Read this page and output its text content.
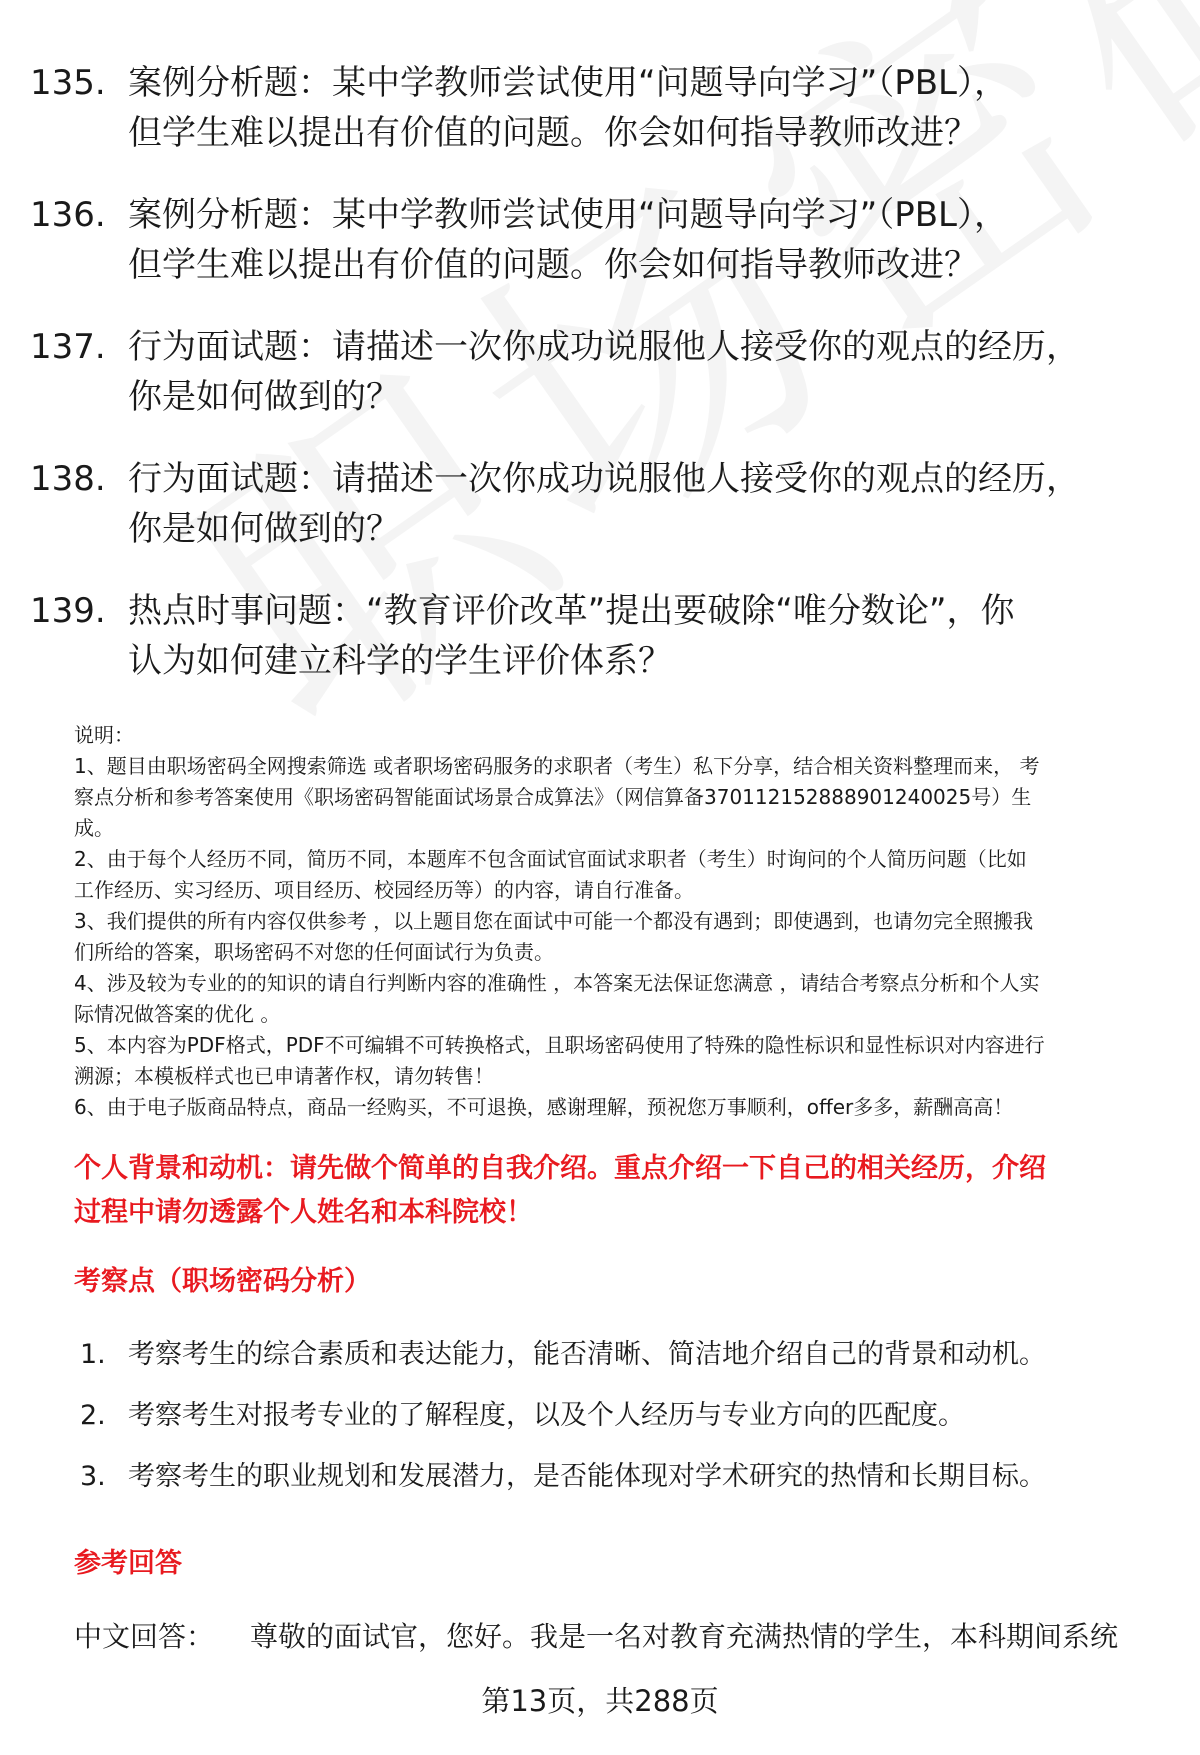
135. 案例分析题：某中学教师尝试使用“问题导向学习”（PBL），
但学生难以提出有价值的问题。你会如何指导教师改进？
136. 案例分析题：某中学教师尝试使用“问题导向学习”（PBL），
但学生难以提出有价值的问题。你会如何指导教师改进？
137. 行为面试题：请描述一次你成功说服他人接受你的观点的经历，
你是如何做到的？
138. 行为面试题：请描述一次你成功说服他人接受你的观点的经历，
你是如何做到的？
139. 热点时事问题：“教育评价改革”提出要破除“唯分数论”，你
认为如何建立科学的学生评价体系？
说明：
1、题目由职场密码全网搜索筛选 或者职场密码服务的求职者（考生）私下分享，结合相关资料整理而来， 考
察点分析和参考答案使用《职场密码智能面试场景合成算法》（网信算备370112152888901240025号）生
成。
2、由于每个人经历不同，简历不同，本题库不包含面试官面试求职者（考生）时询问的个人简历问题（比如
工作经历、实习经历、项目经历、校园经历等）的内容，请自行准备。
3、我们提供的所有内容仅供参考 ，以上题目您在面试中可能一个都没有遇到；即使遇到，也请勿完全照搬我
们所给的答案，职场密码不对您的任何面试行为负责。
4、涉及较为专业的的知识的请自行判断内容的准确性 ，本答案无法保证您满意 ，请结合考察点分析和个人实
际情况做答案的优化 。
5、本内容为PDF格式，PDF不可编辑不可转换格式，且职场密码使用了特殊的隐性标识和显性标识对内容进行
溯源；本模板样式也已申请著作权，请勿转售！
6、由于电子版商品特点，商品一经购买，不可退换，感谢理解，预祝您万事顺利，offer多多，薪酬高高！
个人背景和动机：请先做个简单的自我介绍。重点介绍一下自己的相关经历，介绍
过程中请勿透露个人姓名和本科院校！
考察点（职场密码分析）
1. 考察考生的综合素质和表达能力，能否清晰、简洁地介绍自己的背景和动机。
2. 考察考生对报考专业的了解程度，以及个人经历与专业方向的匹配度。
3. 考察考生的职业规划和发展潜力，是否能体现对学术研究的热情和长期目标。
参考回答
中文回答： 尊敬的面试官，您好。我是一名对教育充满热情的学生，本科期间系统
第13页，共288页
